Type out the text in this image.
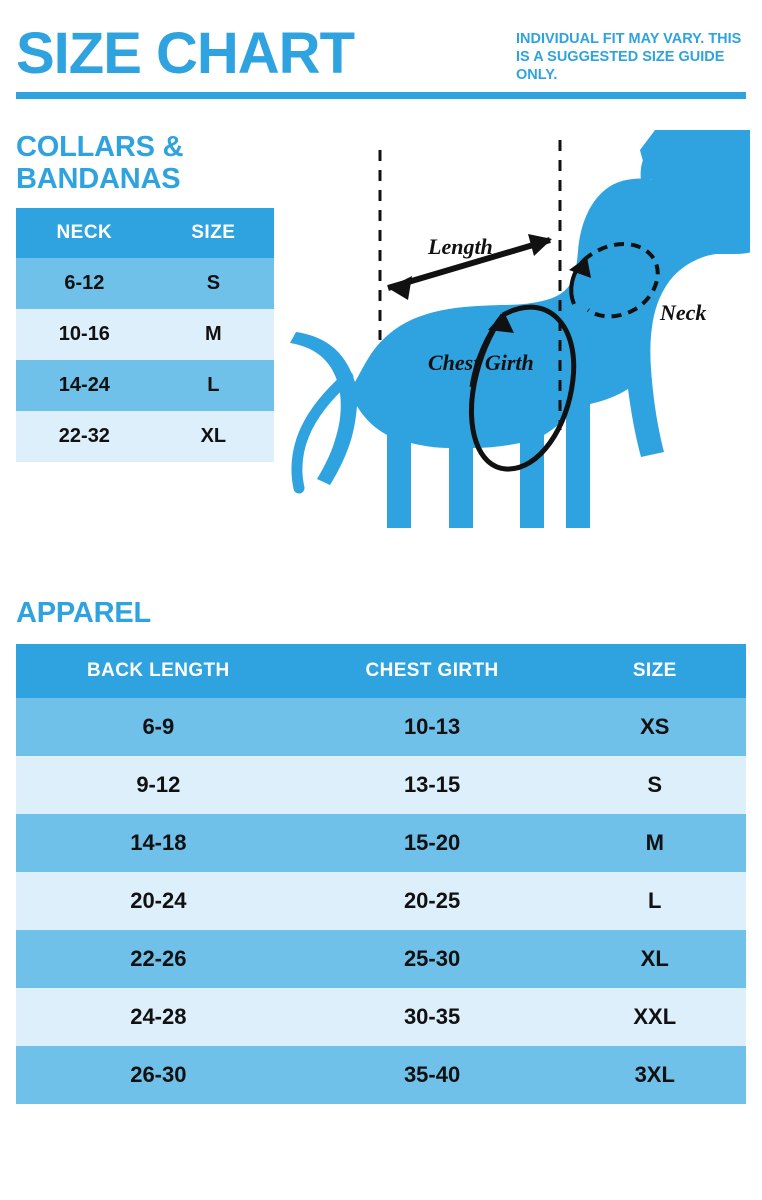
SIZE CHART	INDIVIDUAL FIT MAY VARY. THIS IS A SUGGESTED SIZE GUIDE ONLY.
COLLARS & BANDANAS
NECK	SIZE
6-12	S
10-16	M
14-24	L
22-32	XL
Length
Chest Girth
Neck
APPAREL
BACK LENGTH	CHEST GIRTH	SIZE
6-9	10-13	XS
9-12	13-15	S
14-18	15-20	M
20-24	20-25	L
22-26	25-30	XL
24-28	30-35	XXL
26-30	35-40	3XL
